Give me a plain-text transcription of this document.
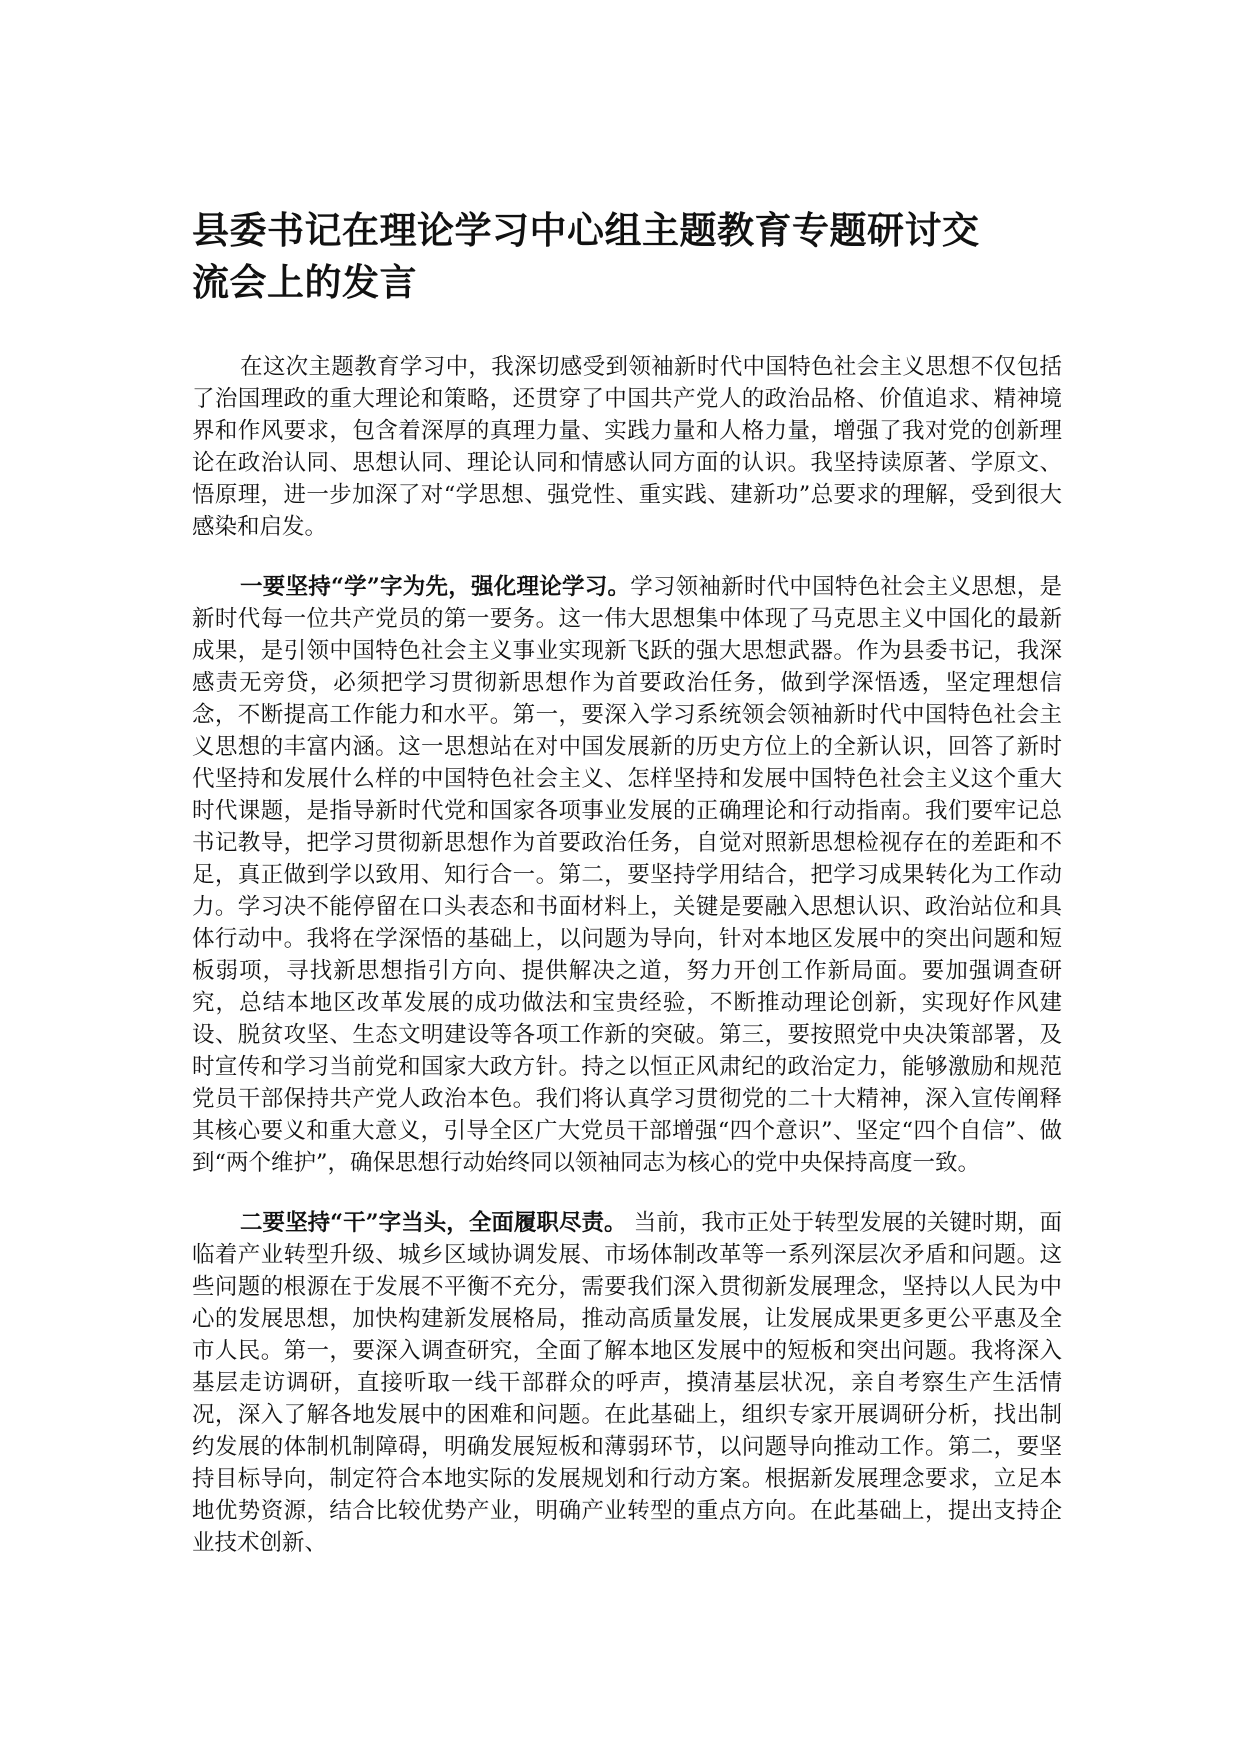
县委书记在理论学习中心组主题教育专题研讨交流会上的发言

在这次主题教育学习中，我深切感受到领袖新时代中国特色社会主义思想不仅包括了治国理政的重大理论和策略，还贯穿了中国共产党人的政治品格、价值追求、精神境界和作风要求，包含着深厚的真理力量、实践力量和人格力量，增强了我对党的创新理论在政治认同、思想认同、理论认同和情感认同方面的认识。我坚持读原著、学原文、悟原理，进一步加深了对“学思想、强党性、重实践、建新功”总要求的理解，受到很大感染和启发。

一要坚持“学”字为先，强化理论学习。学习领袖新时代中国特色社会主义思想，是新时代每一位共产党员的第一要务。这一伟大思想集中体现了马克思主义中国化的最新成果，是引领中国特色社会主义事业实现新飞跃的强大思想武器。作为县委书记，我深感责无旁贷，必须把学习贯彻新思想作为首要政治任务，做到学深悟透，坚定理想信念，不断提高工作能力和水平。第一，要深入学习系统领会领袖新时代中国特色社会主义思想的丰富内涵。这一思想站在对中国发展新的历史方位上的全新认识，回答了新时代坚持和发展什么样的中国特色社会主义、怎样坚持和发展中国特色社会主义这个重大时代课题，是指导新时代党和国家各项事业发展的正确理论和行动指南。我们要牢记总书记教导，把学习贯彻新思想作为首要政治任务，自觉对照新思想检视存在的差距和不足，真正做到学以致用、知行合一。第二，要坚持学用结合，把学习成果转化为工作动力。学习决不能停留在口头表态和书面材料上，关键是要融入思想认识、政治站位和具体行动中。我将在学深悟的基础上，以问题为导向，针对本地区发展中的突出问题和短板弱项，寻找新思想指引方向、提供解决之道，努力开创工作新局面。要加强调查研究，总结本地区改革发展的成功做法和宝贵经验，不断推动理论创新，实现好作风建设、脱贫攻坚、生态文明建设等各项工作新的突破。第三，要按照党中央决策部署，及时宣传和学习当前党和国家大政方针。持之以恒正风肃纪的政治定力，能够激励和规范党员干部保持共产党人政治本色。我们将认真学习贯彻党的二十大精神，深入宣传阐释其核心要义和重大意义，引导全区广大党员干部增强“四个意识”、坚定“四个自信”、做到“两个维护”，确保思想行动始终同以领袖同志为核心的党中央保持高度一致。

二要坚持“干”字当头，全面履职尽责。 当前，我市正处于转型发展的关键时期，面临着产业转型升级、城乡区域协调发展、市场体制改革等一系列深层次矛盾和问题。这些问题的根源在于发展不平衡不充分，需要我们深入贯彻新发展理念，坚持以人民为中心的发展思想，加快构建新发展格局，推动高质量发展，让发展成果更多更公平惠及全市人民。第一，要深入调查研究，全面了解本地区发展中的短板和突出问题。我将深入基层走访调研，直接听取一线干部群众的呼声，摸清基层状况，亲自考察生产生活情况，深入了解各地发展中的困难和问题。在此基础上，组织专家开展调研分析，找出制约发展的体制机制障碍，明确发展短板和薄弱环节，以问题导向推动工作。第二，要坚持目标导向，制定符合本地实际的发展规划和行动方案。根据新发展理念要求，立足本地优势资源，结合比较优势产业，明确产业转型的重点方向。在此基础上，提出支持企业技术创新、
